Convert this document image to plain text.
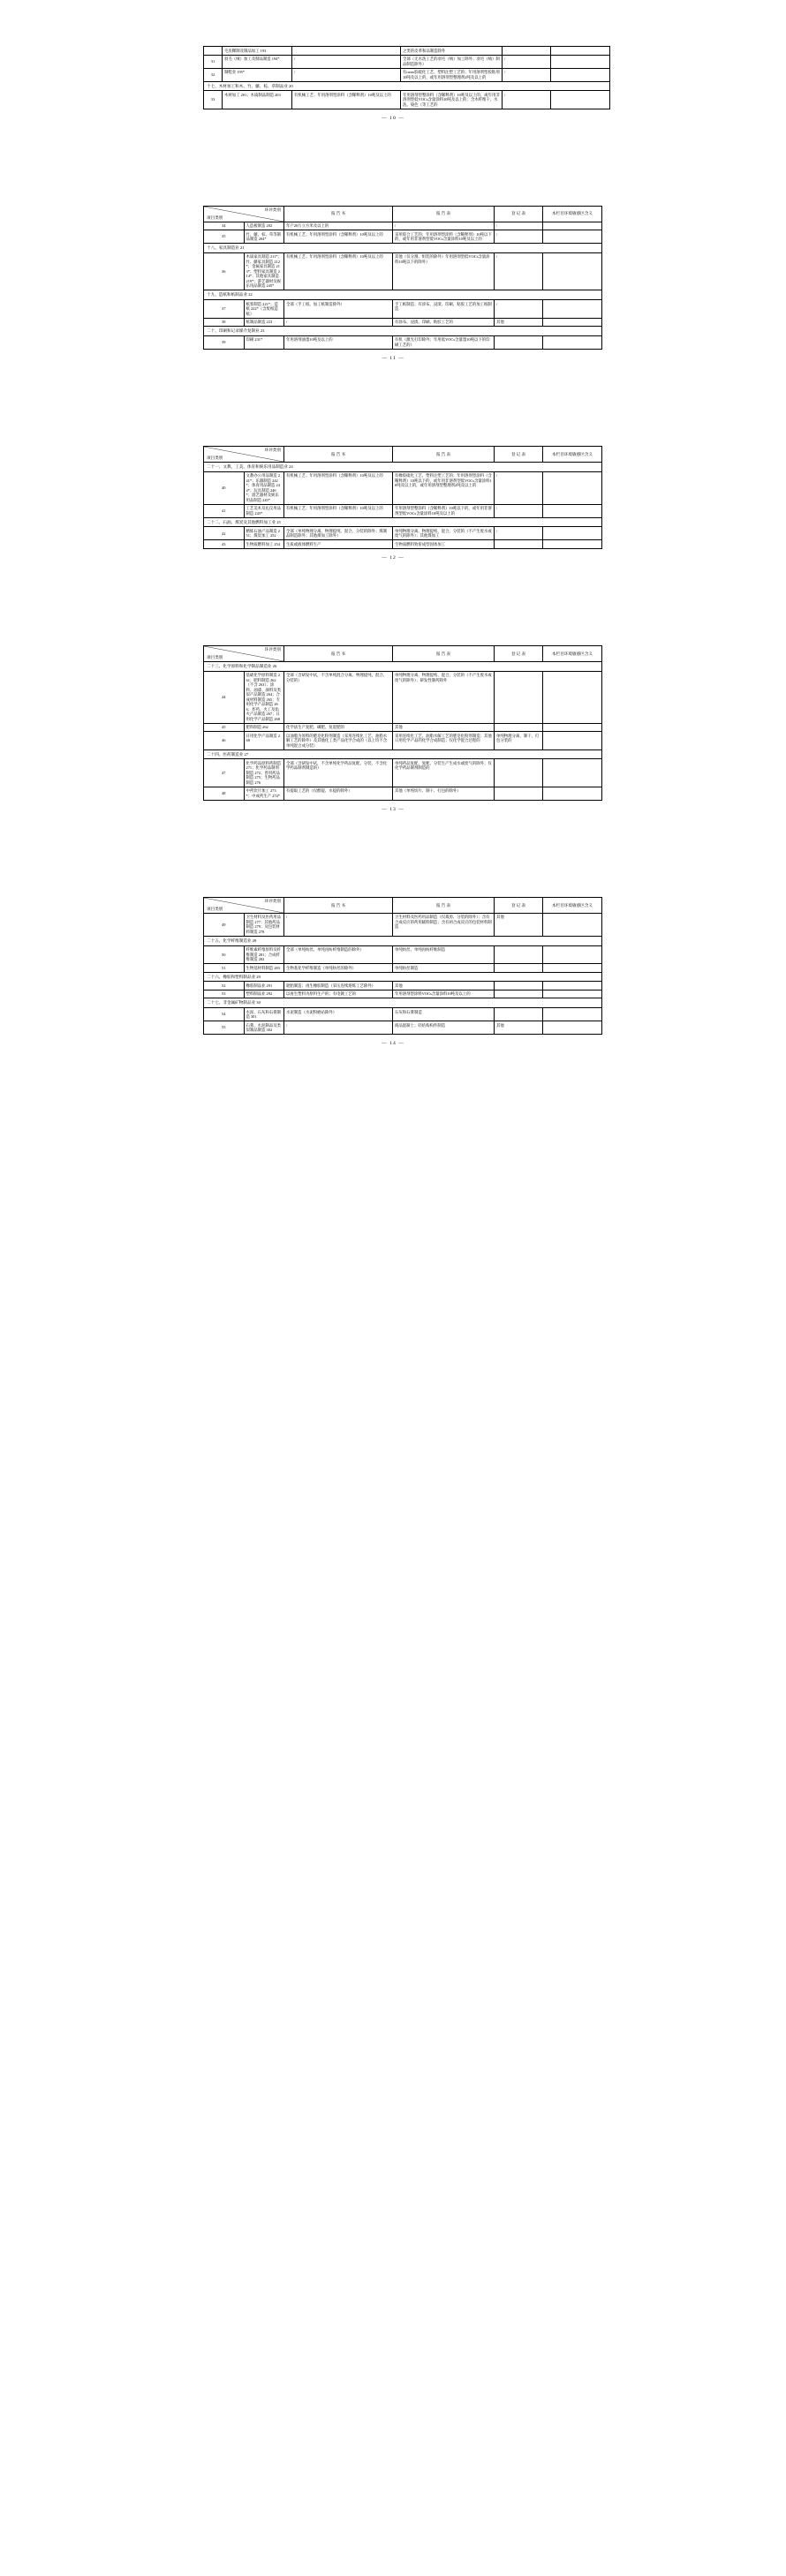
	毛皮鞣制及制品加工 193		之类的皮革和品制造除外		
31	羽毛（绒）加工及制品制造 194*	/	全部（无水洗工艺的羽毛（绒）加工除外；羽毛（绒）制品制造除外）	/	
32	制鞋业 195*	/	有ских胶硫化工艺、塑料注塑工艺的；年用溶剂型胶粘剂10吨及以上的，或年用溶剂型整理剂2吨及以上的	/	
十七、木材加工和木、竹、藤、棕、草制品业 20					
33	木材加工 201；木质制品制造 203	有机械工艺；年用溶剂型涂料（含稀释剂）10吨及以上的	年用溶剂型整涂料（含稀释剂）10吨及以上的，或年用非溶剂型低VOCs含量涂料10吨及以上的；含木纤维干、水洗、染色（等工艺的	/	
— 10 —
环评类别
项目类别		报 告 书	报 告 表	登 记 表	本栏目环境敏感区含义
34	人造板制造 202	年产20万立方米及以上的	/	/	
35	竹、藤、棕、草等制品制造 204*	有机械工艺；年用溶剂型涂料（含稀释剂）10吨及以上的	采用胶合工艺的；年用溶剂型涂料（含稀释剂）10吨以下的，或年用非溶剂型低VOCs含量涂料10吨及以上的	/	
十八、家具制造业 21					
36	木质家具制造 211*；竹、藤家具制造 212*；金属家具制造 213*；塑料家具制造 214*；其他家具制造 219*；游艺器材及娱乐用品制造 245*	有机械工艺；年用溶剂型涂料（含稀释剂）10吨及以上的	其他（仅分割、组装的除外）年用溶剂型低VOCs含量涂料10吨以下的除外）	/	
十九、造纸和纸制品业 22					
37	纸浆制造 221*；造纸 222*（含废纸造纸）	全部（手工纸、加工纸制造除外）	手工纸制造；有涂布、浸渍、印刷、粘胶工艺的加工纸制造	/	
38	纸制品制造 223	/	有涂布、浸渍、印刷、粘胶工艺的	其他	
二十、印刷和记录媒介复制业 23					
39	印刷 231*	年用溶剂油墨10吨及以上的	有机（激光打印除外；年用低VOCs含量墨10吨以下的印刷工艺的）		
— 11 —
环评类别
项目类别		报 告 书	报 告 表	登 记 表	本栏目环境敏感区含义
二十一、文教、工美、体育和娱乐用品制造业 24					
40	文教办公用品制造 241*；乐器制造 242*；体育用品制造 244*；玩具制造 246*；游艺器材及娱乐用品制造 245*	有机械工艺；年用溶剂型涂料（含稀释剂）10吨及以上的	有橡胶硫化工艺、塑料注塑工艺的；年用溶剂型涂料（含稀释剂）10吨以下的，或年用非溶剂型低VOCs含量涂料10吨及以上的，或年用溶剂型整理剂2吨及以上的	/	
41	工艺美术及礼仪用品制造 243*	有机械工艺；年用溶剂型涂料（含稀释剂）10吨及以上的	年用溶剂型整涂料（含稀释剂）10吨以下的，或年用非溶剂型低VOCs含量涂料10吨及以上的	/	
二十二、石油、煤炭及其他燃料加工业 25					
42	精炼石油产品制造 251；煤炭加工 252	全部（单纯物理分离、物理提纯、混合、分装的除外；煤制品制造除外；其他煤加工除外）	单纯物理分离、物理提纯、混合、分装的（不产生废水或废气的除外）；其他煤加工	/	
43	生物质燃料加工 254	生质或液体燃料生产	生物质燃料致密成型固体加工		
— 12 —
环评类别
项目类别		报 告 书	报 告 表	登 记 表	本栏目环境敏感区含义
二十三、化学原料和化学制品制造业 26					
44	基础化学原料制造 261；肥料制造 262（不含 263）；涂料、油漆、颜料及类似产品制造 264；合成材料制造 265；专用化学产品制造 266；炸药、火工及焰火产品制造 267；日用化学产品制造 268	全部（含研发中试，不含单纯混合分离、物理提纯、混合、分装的）	单纯物理分离、物理提纯、混合、分装的（不产生废水或废气的除外）；研发性制药除外		
45	肥料制造 262	化学法生产复肥、磷肥、复混肥的	其他		
46	日用化学产品制造 268	以油脂为原料的肥皂化粉剂制造（采用连续化工艺、油脂水解工艺的除外）及其他化工类产品化学合成的（以上均不含单纯混合成分装）	采用连续化工艺、油脂水解工艺的肥皂化粉剂制造；其他日用化学产品的化学合成制造；仅化学混合过程的	单纯物理分离、制干、打包分装的	
二十四、医药制造业 27					
47	化学药品原料药制造 271；化学药品制剂制造 272；兽用药品制造 275；生物药品制造 276	全部（含研发中试，不含单纯化学药品复配、分装、不含化学药品制剂制造的）	单纯药品复配、复配、分装生产生成水或废气的除外；仅化学药品制剂制造的		
48	中药饮片加工 273*；中成药生产 274*	有提取工艺的（仅醇提、水提的除外）	其他（单纯切片、制干、打包的除外）		
— 13 —
环评类别
项目类别		报 告 书	报 告 表	登 记 表	本栏目环境敏感区含义
49	卫生材料及医药用品制造 277；其他药品制造 279；及包装材料制造 278	/	卫生材料及医药用品制造（仅裁剪、分装的除外）；含有合成反应的药用辅料制造；含有初合成反应的包装材料制造	其他	
二十五、化学纤维制造业 28					
50	纤维素纤维原料及纤维制造 281；合成纤维制造 282	全部（单纯纺丝、单纯再纺纤维制造的除外）	单纯纺丝、单纯再纺纤维制造		
51	生物基材料制造 283	生物基化学纤维制造（单纯纺丝的除外）	单纯纺丝制造		
二十六、橡胶和塑料制品业 29					
52	橡胶制品业 291	轮胎制造；再生橡胶制造（采压连续熔炼工艺除外）	其他		
53	塑料制品业 292	以再生塑料为原料生产的；有电镀工艺的	年用溶剂型涂料VOCs含量涂料10吨及以上的		
二十七、非金属矿物制品业 30					
54	水泥、石灰和石膏制造 301	水泥制造（水泥粉磨站除外）	石灰和石膏制造		
55	石膏、水泥制品及类似制品制造 302	/	商品混凝土；轻结构构件制造	其他	
— 14 —
